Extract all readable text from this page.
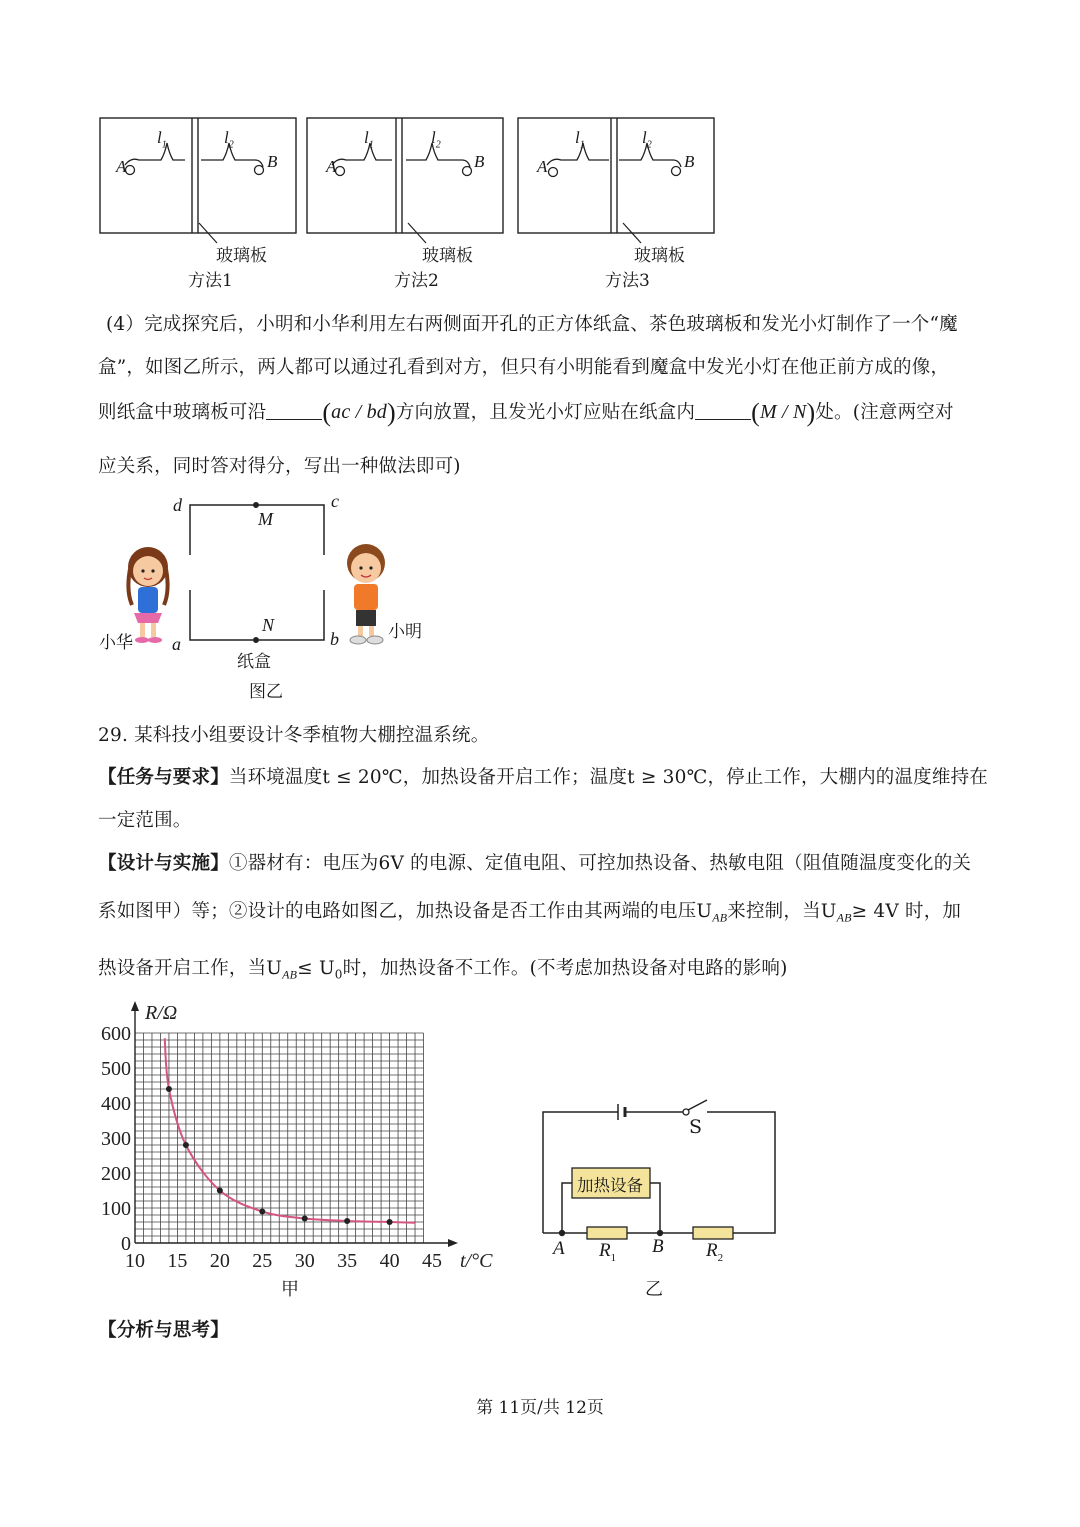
A	B
$l_1$	$l_2$
A	B
$l_1$	$l_2$
A	B
$l_1$	$l_2$
玻璃板	玻璃板	玻璃板
方法1	方法2	方法3
(4）完成探究后，小明和小华利用左右两侧面开孔的正方体纸盒、茶色玻璃板和发光小灯制作了一个“魔
盒”，如图乙所示，两人都可以通过孔看到对方，但只有小明能看到魔盒中发光小灯在他正前方成的像，
则纸盒中玻璃板可沿 (ac / bd)方向放置，且发光小灯应贴在纸盒内 (M / N)处。(注意两空对
应关系，同时答对得分，写出一种做法即可)
d	c
M
N
a	b
小华
小明
纸盒
图乙
29. 某科技小组要设计冬季植物大棚控温系统。
【任务与要求】当环境温度t ≤ 20℃，加热设备开启工作；温度t ≥ 30℃，停止工作，大棚内的温度维持在
一定范围。
【设计与实施】①器材有：电压为6V 的电源、定值电阻、可控加热设备、热敏电阻（阻值随温度变化的关
系如图甲）等；②设计的电路如图乙，加热设备是否工作由其两端的电压$U_{AB}$来控制，当$U_{AB}\ge 4V$ 时，加
热设备开启工作，当$U_{AB}\le U_0$时，加热设备不工作。(不考虑加热设备对电路的影响)
10 15 20 25 30 35 40 45
0
100
200
300
400
500
600
t/°C
R/Ω
甲
S
加热设备
A	B
$R_1$	$R_2$
乙
【分析与思考】
第 11页/共 12页
